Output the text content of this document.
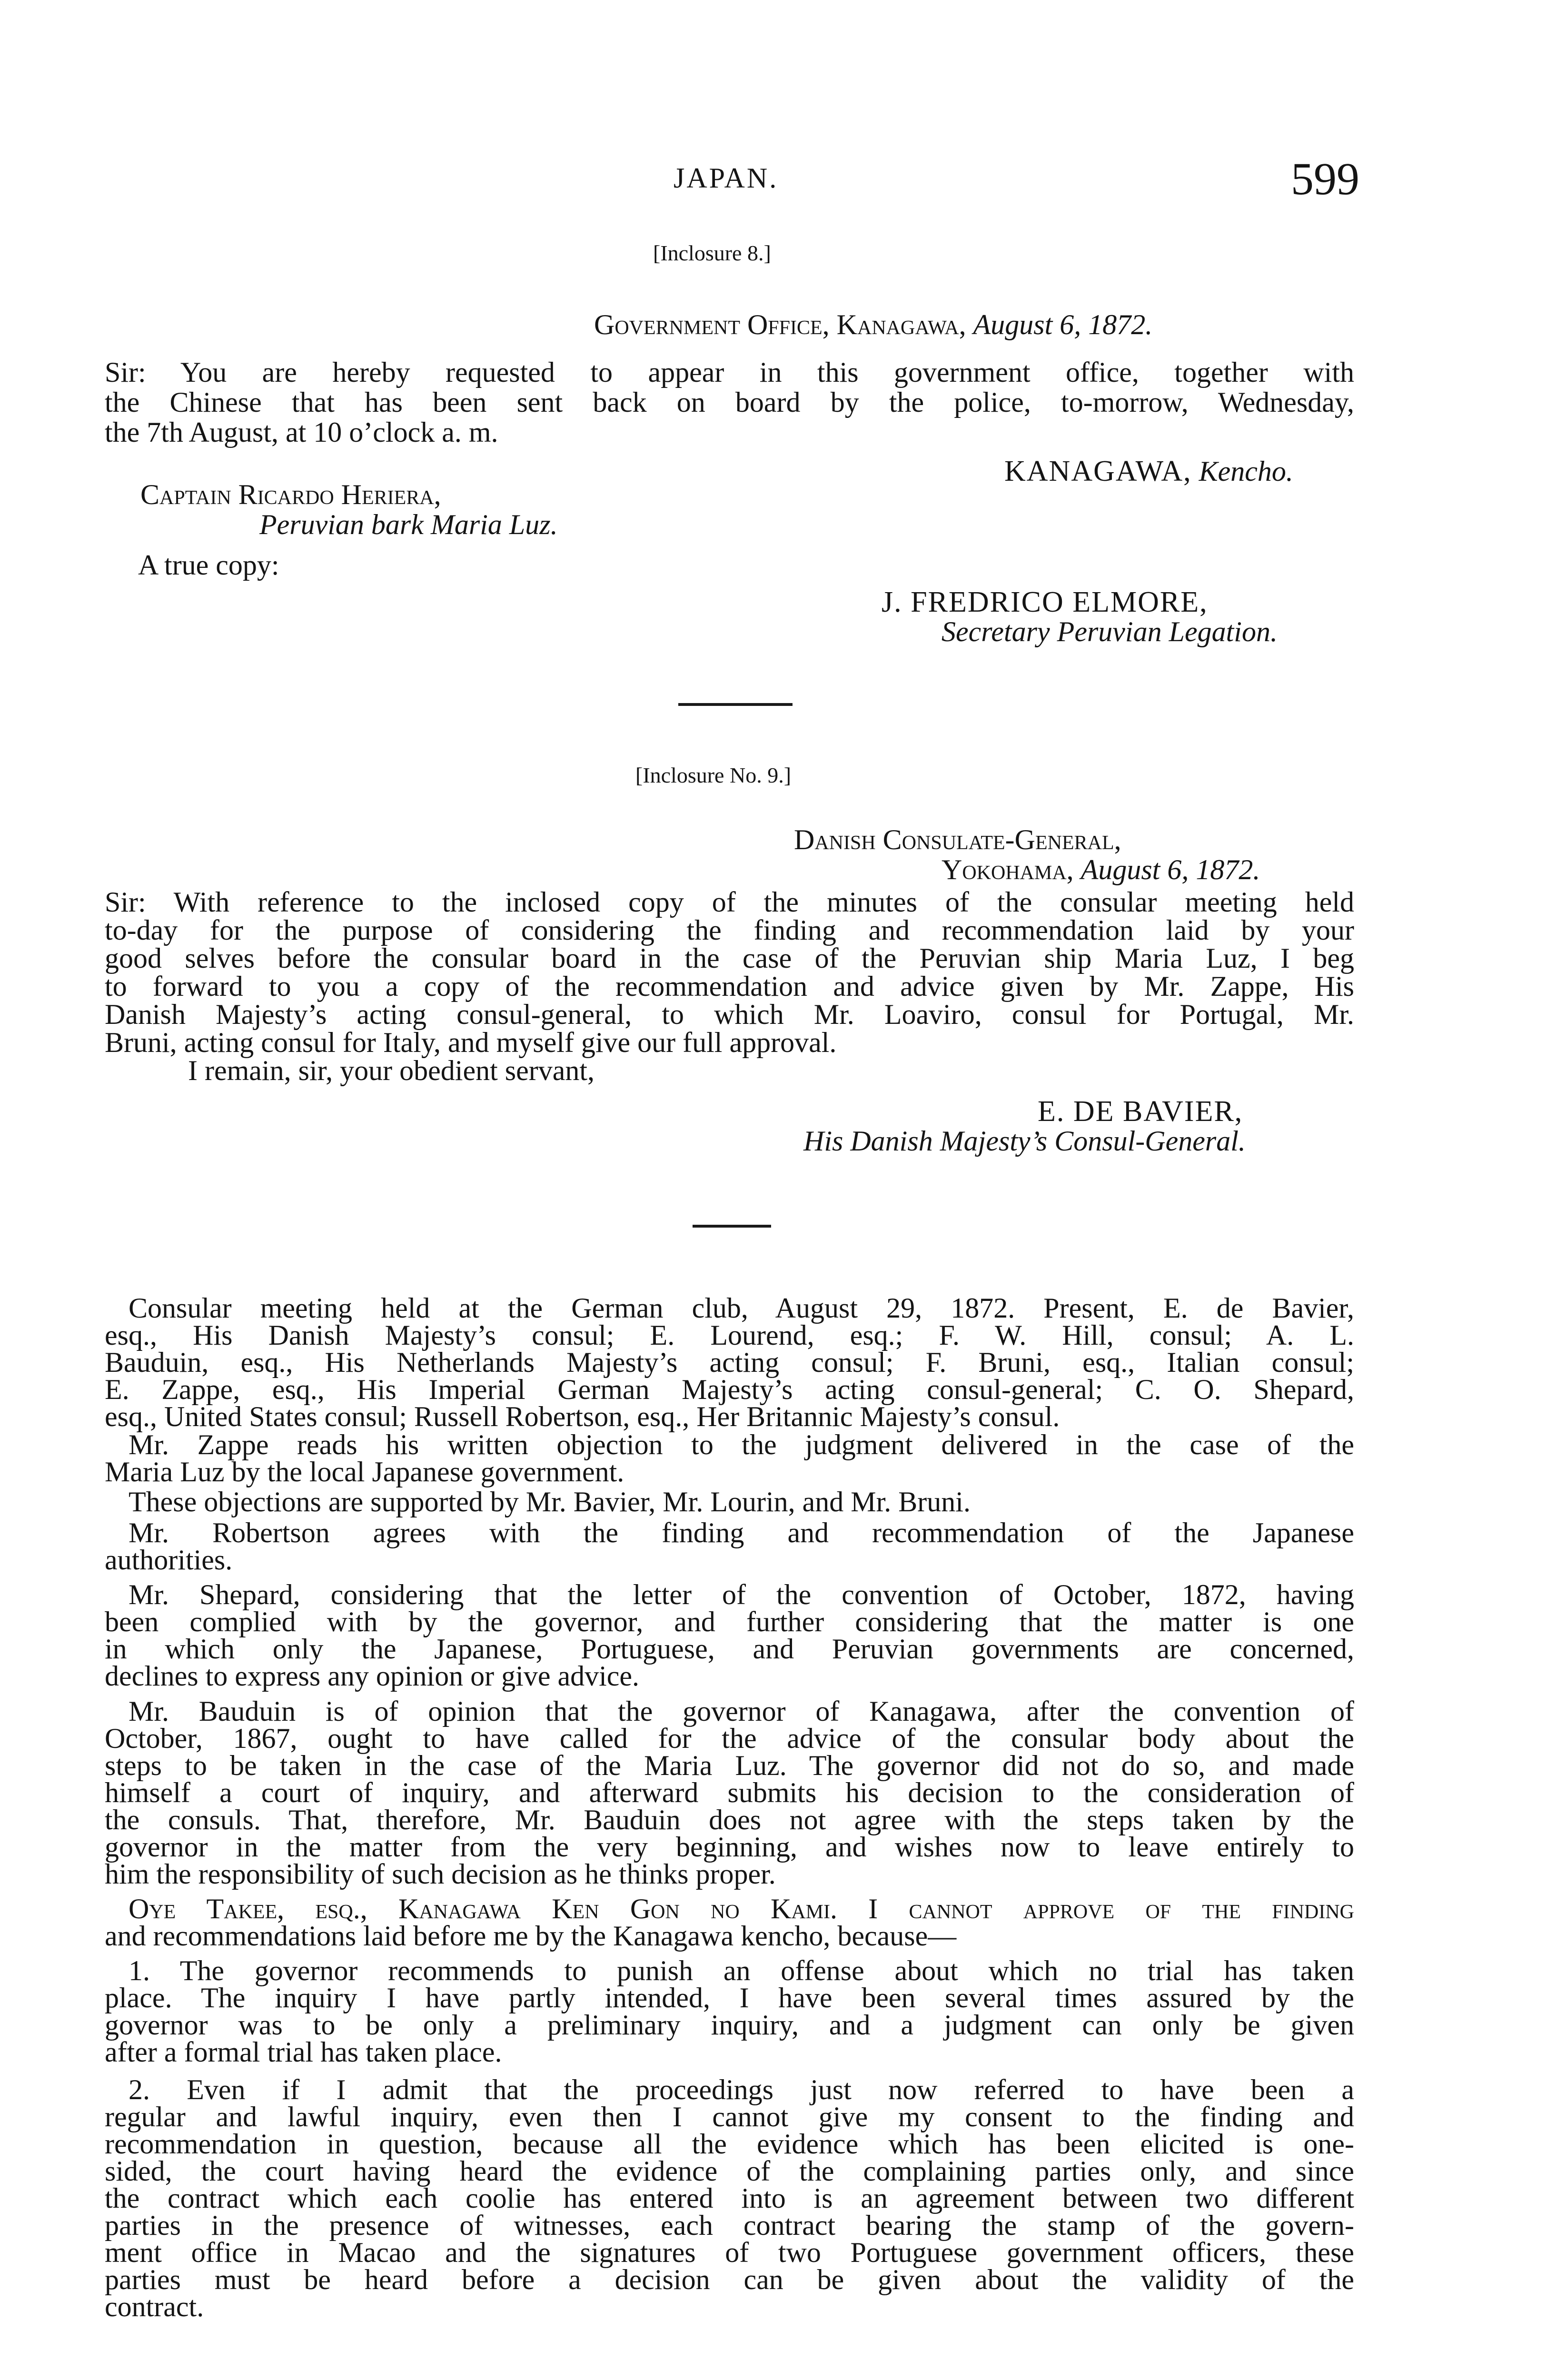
JAPAN.	599
[Inclosure 8.]
Government Office, Kanagawa, August 6, 1872.
Sir: You are hereby requested to appear in this government office, together with
the Chinese that has been sent back on board by the police, to-morrow, Wednesday,
the 7th August, at 10 o’clock a. m.
KANAGAWA, Kencho.
Captain Ricardo Heriera,
Peruvian bark Maria Luz.
A true copy:
J. FREDRICO ELMORE,
Secretary Peruvian Legation.
[Inclosure No. 9.]
Danish Consulate-General,
Yokohama, August 6, 1872.
Sir: With reference to the inclosed copy of the minutes of the consular meeting held
to-day for the purpose of considering the finding and recommendation laid by your
good selves before the consular board in the case of the Peruvian ship Maria Luz, I beg
to forward to you a copy of the recommendation and advice given by Mr. Zappe, His
Danish Majesty’s acting consul-general, to which Mr. Loaviro, consul for Portugal, Mr.
Bruni, acting consul for Italy, and myself give our full approval.
I remain, sir, your obedient servant,
E. DE BAVIER,
His Danish Majesty’s Consul-General.
Consular meeting held at the German club, August 29, 1872. Present, E. de Bavier,
esq., His Danish Majesty’s consul; E. Lourend, esq.; F. W. Hill, consul; A. L.
Bauduin, esq., His Netherlands Majesty’s acting consul; F. Bruni, esq., Italian consul;
E. Zappe, esq., His Imperial German Majesty’s acting consul-general; C. O. Shepard,
esq., United States consul; Russell Robertson, esq., Her Britannic Majesty’s consul.
Mr. Zappe reads his written objection to the judgment delivered in the case of the
Maria Luz by the local Japanese government.
These objections are supported by Mr. Bavier, Mr. Lourin, and Mr. Bruni.
Mr. Robertson agrees with the finding and recommendation of the Japanese
authorities.
Mr. Shepard, considering that the letter of the convention of October, 1872, having
been complied with by the governor, and further considering that the matter is one
in which only the Japanese, Portuguese, and Peruvian governments are concerned,
declines to express any opinion or give advice.
Mr. Bauduin is of opinion that the governor of Kanagawa, after the convention of
October, 1867, ought to have called for the advice of the consular body about the
steps to be taken in the case of the Maria Luz. The governor did not do so, and made
himself a court of inquiry, and afterward submits his decision to the consideration of
the consuls. That, therefore, Mr. Bauduin does not agree with the steps taken by the
governor in the matter from the very beginning, and wishes now to leave entirely to
him the responsibility of such decision as he thinks proper.
Oye Takee, esq., Kanagawa Ken Gon no Kami. I cannot approve of the finding
and recommendations laid before me by the Kanagawa kencho, because—
1. The governor recommends to punish an offense about which no trial has taken
place. The inquiry I have partly intended, I have been several times assured by the
governor was to be only a preliminary inquiry, and a judgment can only be given
after a formal trial has taken place.
2. Even if I admit that the proceedings just now referred to have been a
regular and lawful inquiry, even then I cannot give my consent to the finding and
recommendation in question, because all the evidence which has been elicited is one-
sided, the court having heard the evidence of the complaining parties only, and since
the contract which each coolie has entered into is an agreement between two different
parties in the presence of witnesses, each contract bearing the stamp of the govern-
ment office in Macao and the signatures of two Portuguese government officers, these
parties must be heard before a decision can be given about the validity of the
contract.
